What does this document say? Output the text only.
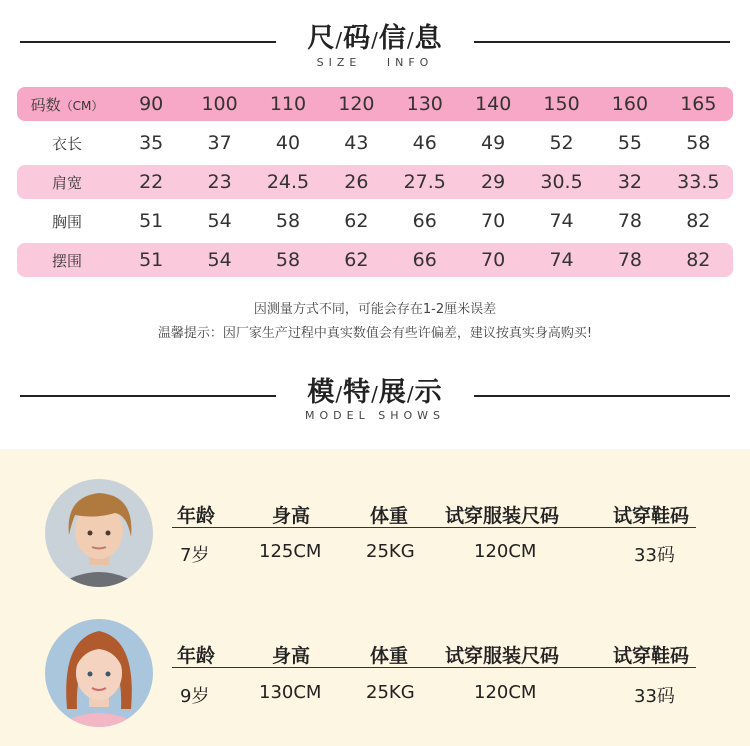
尺/码/信/息
SIZE   INFO
码数（CM）	90	100	110	120	130	140	150	160	165
衣长	35	37	40	43	46	49	52	55	58
肩宽	22	23	24.5	26	27.5	29	30.5	32	33.5
胸围	51	54	58	62	66	70	74	78	82
摆围	51	54	58	62	66	70	74	78	82
因测量方式不同，可能会存在1-2厘米误差
温馨提示：因厂家生产过程中真实数值会有些许偏差，建议按真实身高购买!
模/特/展/示
MODEL SHOWS
年龄	身高	体重 试穿服装尺码	试穿鞋码
7岁	125CM 25KG	120CM	33码
年龄	身高	体重 试穿服装尺码	试穿鞋码
9岁	130CM 25KG	120CM	33码
